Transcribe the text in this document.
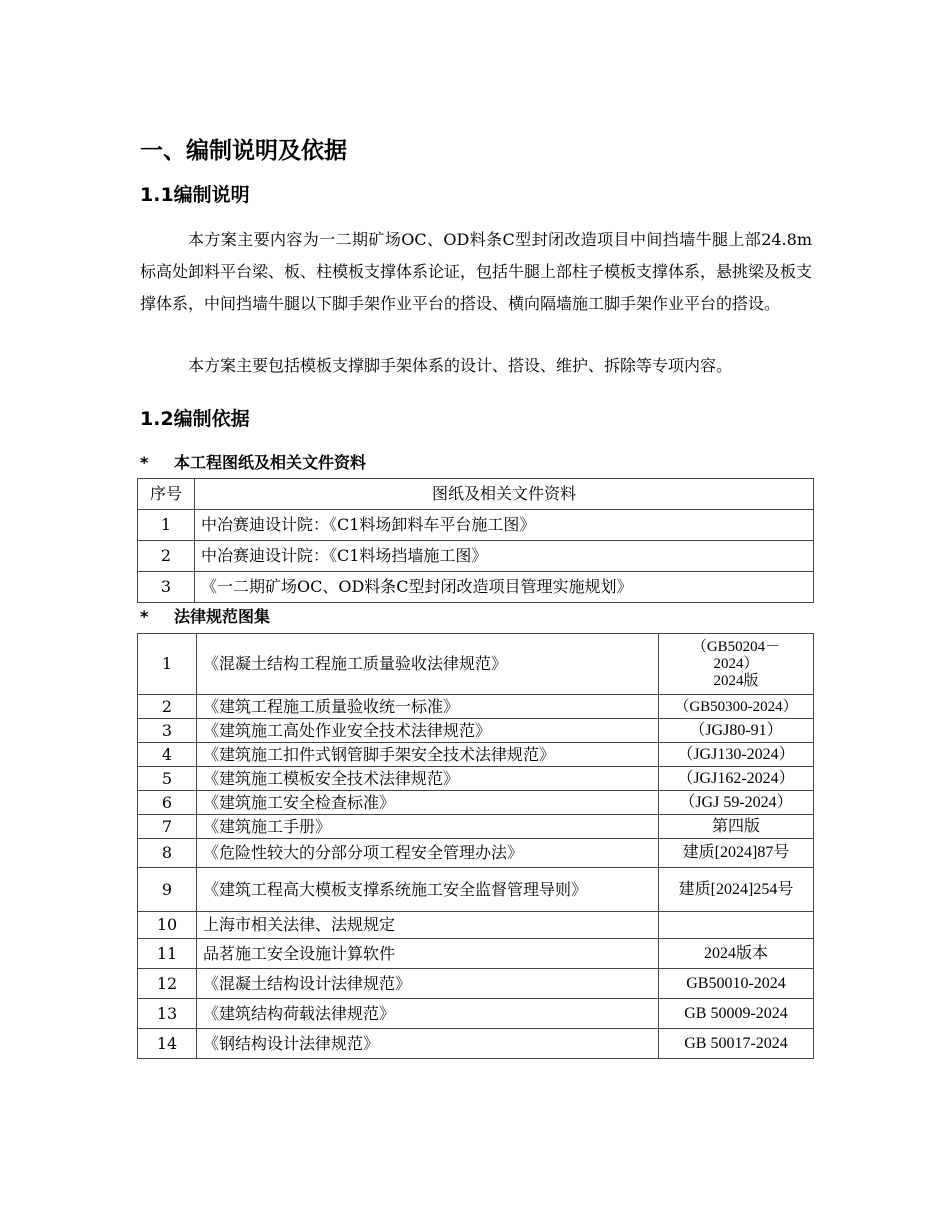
一、编制说明及依据
1.1编制说明

本方案主要内容为一二期矿场OC、OD料条C型封闭改造项目中间挡墙牛腿上部24.8m标高处卸料平台梁、板、柱模板支撑体系论证，包括牛腿上部柱子模板支撑体系，悬挑梁及板支撑体系，中间挡墙牛腿以下脚手架作业平台的搭设、横向隔墙施工脚手架作业平台的搭设。

本方案主要包括模板支撑脚手架体系的设计、搭设、维护、拆除等专项内容。

1.2编制依据
* 本工程图纸及相关文件资料
序号	图纸及相关文件资料
1	中冶赛迪设计院：《C1料场卸料车平台施工图》
2	中冶赛迪设计院：《C1料场挡墙施工图》
3	《一二期矿场OC、OD料条C型封闭改造项目管理实施规划》
* 法律规范图集
1	《混凝土结构工程施工质量验收法律规范》	（GB50204－
2024）
2024版

2	《建筑工程施工质量验收统一标准》	（GB50300-2024）
3	《建筑施工高处作业安全技术法律规范》	（JGJ80-91）
4	《建筑施工扣件式钢管脚手架安全技术法律规范》	（JGJ130-2024）
5	《建筑施工模板安全技术法律规范》	（JGJ162-2024）
6	《建筑施工安全检查标准》	（JGJ 59-2024）
7	《建筑施工手册》	第四版
8	《危险性较大的分部分项工程安全管理办法》	建质[2024]87号
9	《建筑工程高大模板支撑系统施工安全监督管理导则》	建质[2024]254号
10	上海市相关法律、法规规定	
11	品茗施工安全设施计算软件	2024版本
12	《混凝土结构设计法律规范》	GB50010-2024
13	《建筑结构荷载法律规范》	GB 50009-2024
14	《钢结构设计法律规范》	GB 50017-2024
